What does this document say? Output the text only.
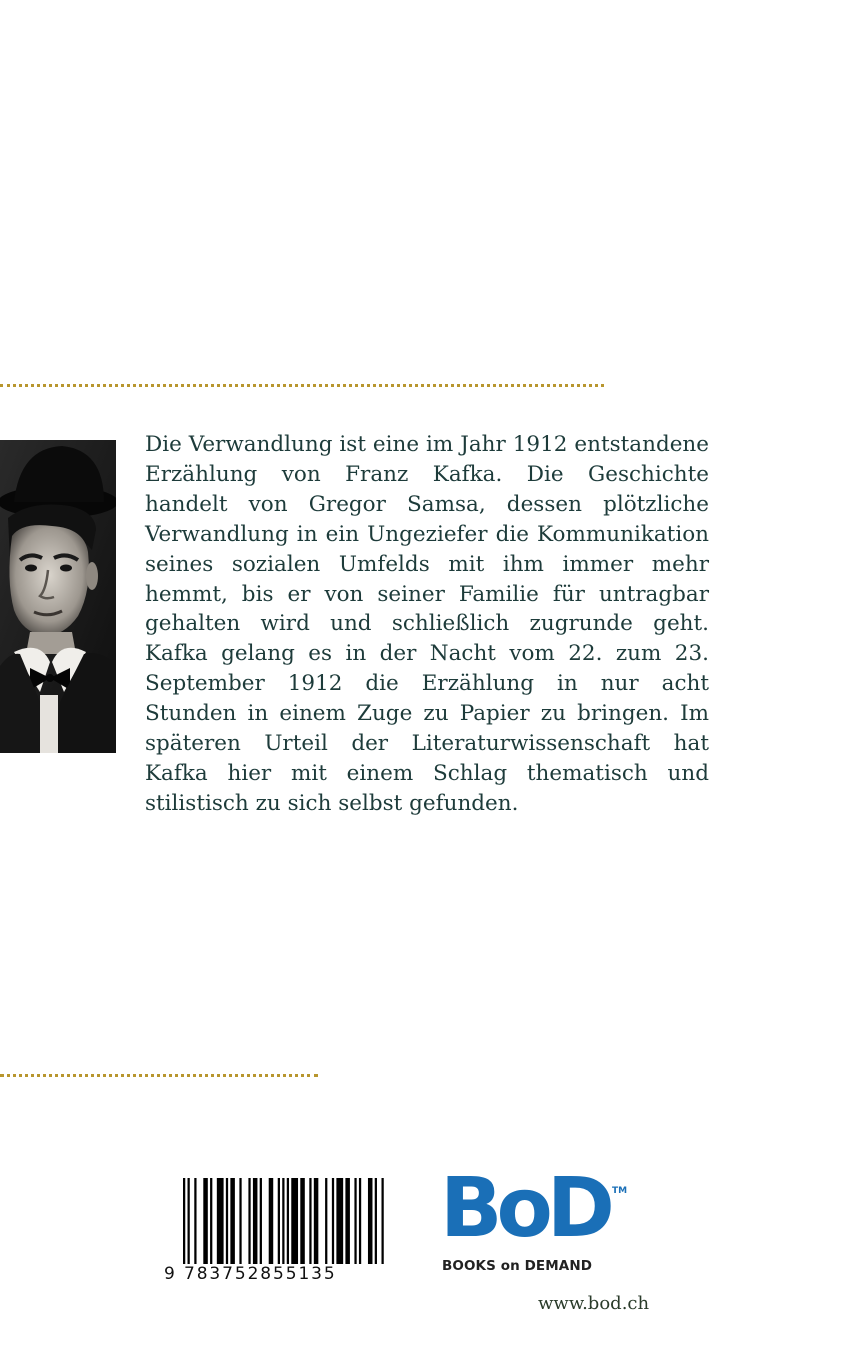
Die Verwandlung ist eine im Jahr 1912 entstandene Erzählung von Franz Kafka. Die Geschichte handelt von Gregor Samsa, dessen plötzliche Verwandlung in ein Ungeziefer die Kommunikation seines sozialen Umfelds mit ihm immer mehr hemmt, bis er von seiner Familie für untragbar gehalten wird und schließlich zugrunde geht. Kafka gelang es in der Nacht vom 22. zum 23. September 1912 die Erzählung in nur acht Stunden in einem Zuge zu Papier zu bringen. Im späteren Urteil der Literaturwissenschaft hat Kafka hier mit einem Schlag thematisch und stilistisch zu sich selbst gefunden.

783752855135
9
BoD TM
BOOKS on DEMAND
www.bod.ch
